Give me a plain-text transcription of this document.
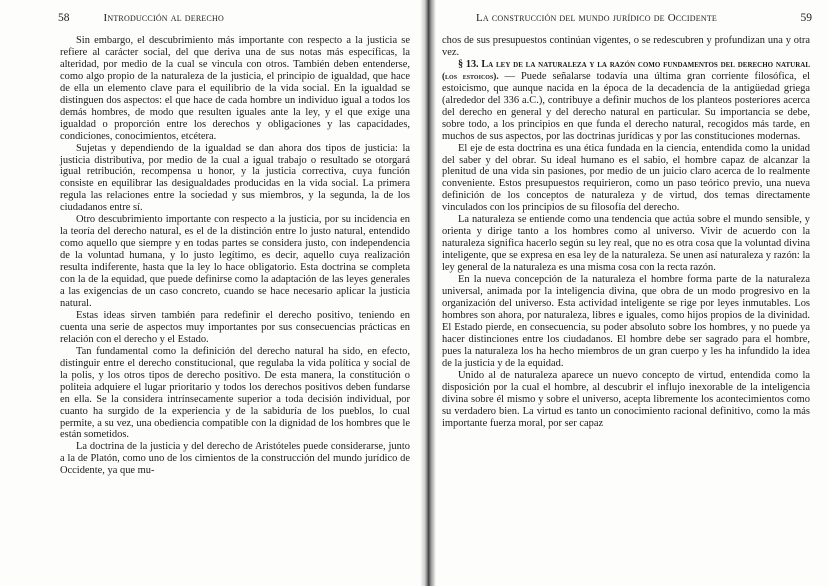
58	Introducción al derecho

Sin embargo, el descubrimiento más importante con respecto a la justicia se refiere al carácter social, del que deriva una de sus notas más específicas, la alteridad, por medio de la cual se vincula con otros. También deben entenderse, como algo propio de la naturaleza de la justicia, el principio de igualdad, que hace de ella un elemento clave para el equilibrio de la vida social. En la igualdad se distinguen dos aspectos: el que hace de cada hombre un individuo igual a todos los demás hombres, de modo que resulten iguales ante la ley, y el que exige una igualdad o proporción entre los derechos y obligaciones y las capacidades, condiciones, conocimientos, etcétera.

Sujetas y dependiendo de la igualdad se dan ahora dos tipos de justicia: la justicia distributiva, por medio de la cual a igual trabajo o resultado se otorgará igual retribución, recompensa u honor, y la justicia correctiva, cuya función consiste en equilibrar las desigualdades producidas en la vida social. La primera regula las relaciones entre la sociedad y sus miembros, y la segunda, la de los ciudadanos entre sí.

Otro descubrimiento importante con respecto a la justicia, por su incidencia en la teoría del derecho natural, es el de la distinción entre lo justo natural, entendido como aquello que siempre y en todas partes se considera justo, con independencia de la voluntad humana, y lo justo legítimo, es decir, aquello cuya realización resulta indiferente, hasta que la ley lo hace obligatorio. Esta doctrina se completa con la de la equidad, que puede definirse como la adaptación de las leyes generales a las exigencias de un caso concreto, cuando se hace necesario aplicar la justicia natural.

Estas ideas sirven también para redefinir el derecho positivo, teniendo en cuenta una serie de aspectos muy importantes por sus consecuencias prácticas en relación con el derecho y el Estado.

Tan fundamental como la definición del derecho natural ha sido, en efecto, distinguir entre el derecho constitucional, que regulaba la vida política y social de la polis, y los otros tipos de derecho positivo. De esta manera, la constitución o politeia adquiere el lugar prioritario y todos los derechos positivos deben fundarse en ella. Se la considera intrínsecamente superior a toda decisión individual, por cuanto ha surgido de la experiencia y de la sabiduría de los pueblos, lo cual permite, a su vez, una obediencia compatible con la dignidad de los hombres que le están sometidos.

La doctrina de la justicia y del derecho de Aristóteles puede considerarse, junto a la de Platón, como uno de los cimientos de la construcción del mundo jurídico de Occidente, ya que mu-

La construcción del mundo jurídico de Occidente	59

chos de sus presupuestos continúan vigentes, o se redescubren y profundizan una y otra vez.

§ 13. La ley de la naturaleza y la razón como fundamentos del derecho natural (los estoicos). — Puede señalarse todavía una última gran corriente filosófica, el estoicismo, que aunque nacida en la época de la decadencia de la antigüedad griega (alrededor del 336 a.C.), contribuye a definir muchos de los planteos posteriores acerca del derecho en general y del derecho natural en particular. Su importancia se debe, sobre todo, a los principios en que funda el derecho natural, recogidos más tarde, en muchos de sus aspectos, por las doctrinas jurídicas y por las constituciones modernas.

El eje de esta doctrina es una ética fundada en la ciencia, entendida como la unidad del saber y del obrar. Su ideal humano es el sabio, el hombre capaz de alcanzar la plenitud de una vida sin pasiones, por medio de un juicio claro acerca de lo realmente conveniente. Estos presupuestos requirieron, como un paso teórico previo, una nueva definición de los conceptos de naturaleza y de virtud, dos temas directamente vinculados con los principios de su filosofía del derecho.

La naturaleza se entiende como una tendencia que actúa sobre el mundo sensible, y orienta y dirige tanto a los hombres como al universo. Vivir de acuerdo con la naturaleza significa hacerlo según su ley real, que no es otra cosa que la voluntad divina inteligente, que se expresa en esa ley de la naturaleza. Se unen así naturaleza y razón: la ley general de la naturaleza es una misma cosa con la recta razón.

En la nueva concepción de la naturaleza el hombre forma parte de la naturaleza universal, animada por la inteligencia divina, que obra de un modo progresivo en la organización del universo. Esta actividad inteligente se rige por leyes inmutables. Los hombres son ahora, por naturaleza, libres e iguales, como hijos propios de la divinidad. El Estado pierde, en consecuencia, su poder absoluto sobre los hombres, y no puede ya hacer distinciones entre los ciudadanos. El hombre debe ser sagrado para el hombre, pues la naturaleza los ha hecho miembros de un gran cuerpo y les ha infundido la idea de la justicia y de la equidad.

Unido al de naturaleza aparece un nuevo concepto de virtud, entendida como la disposición por la cual el hombre, al descubrir el influjo inexorable de la inteligencia divina sobre él mismo y sobre el universo, acepta libremente los acontecimientos como su verdadero bien. La virtud es tanto un conocimiento racional definitivo, como la más importante fuerza moral, por ser capaz
